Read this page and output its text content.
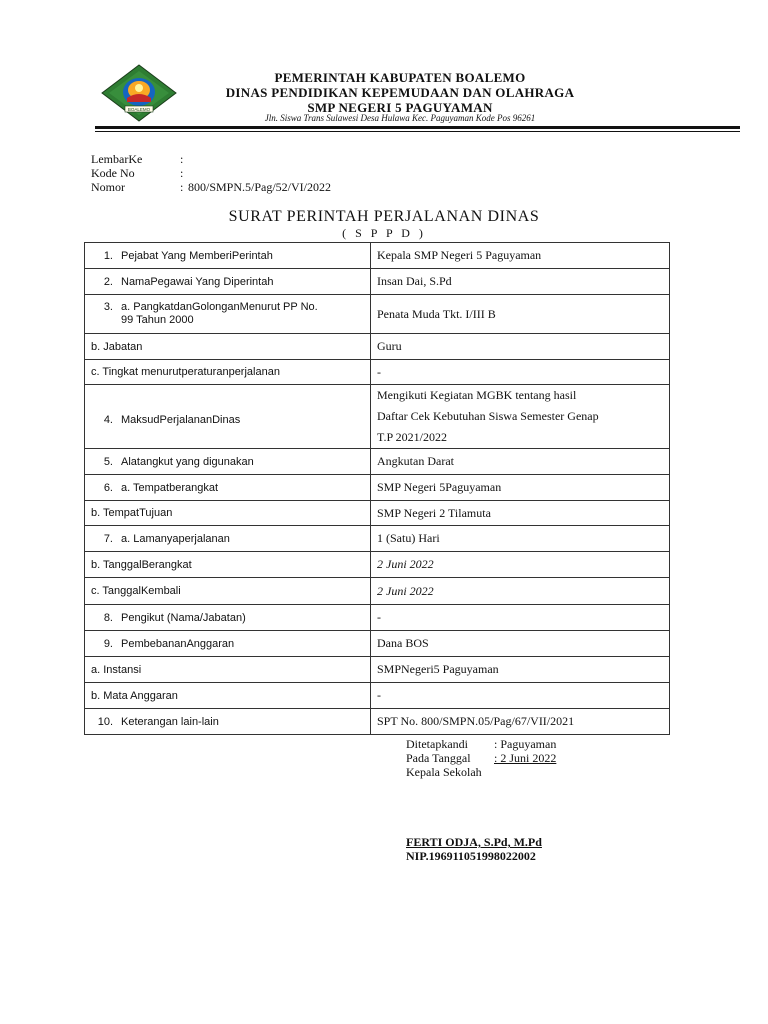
BOALEMO
PEMERINTAH KABUPATEN BOALEMO
DINAS PENDIDIKAN KEPEMUDAAN DAN OLAHRAGA
SMP NEGERI 5 PAGUYAMAN
Jln. Siswa Trans Sulawesi Desa Hulawa Kec. Paguyaman Kode Pos 96261
LembarKe	:
Kode No	:
Nomor	: 800/SMPN.5/Pag/52/VI/2022
SURAT PERINTAH PERJALANAN DINAS
( S P P D )
1. Pejabat Yang MemberiPerintah	Kepala SMP Negeri 5 Paguyaman
2. NamaPegawai Yang Diperintah	Insan Dai, S.Pd

3. a. PangkatdanGolonganMenurut PP No.
99 Tahun 2000	Penata Muda Tkt. I/III B
b. Jabatan	Guru
c. Tingkat menurutperaturanperjalanan	-
4. MaksudPerjalananDinas	Mengikuti Kegiatan MGBK tentang hasil
Daftar Cek Kebutuhan Siswa Semester Genap
T.P 2021/2022

5. Alatangkut yang digunakan	Angkutan Darat
6. a. Tempatberangkat	SMP Negeri 5Paguyaman
b. TempatTujuan	SMP Negeri 2 Tilamuta
7. a. Lamanyaperjalanan	1 (Satu) Hari
b. TanggalBerangkat	2 Juni 2022
c. TanggalKembali	2 Juni 2022
8. Pengikut (Nama/Jabatan)	-
9. PembebananAnggaran	Dana BOS
a. Instansi	SMPNegeri5 Paguyaman
b. Mata Anggaran	-
10. Keterangan lain-lain	SPT No. 800/SMPN.05/Pag/67/VII/2021
Ditetapkandi : Paguyaman
Pada Tanggal : 2 Juni 2022
Kepala Sekolah
FERTI ODJA, S.Pd, M.Pd
NIP.196911051998022002
